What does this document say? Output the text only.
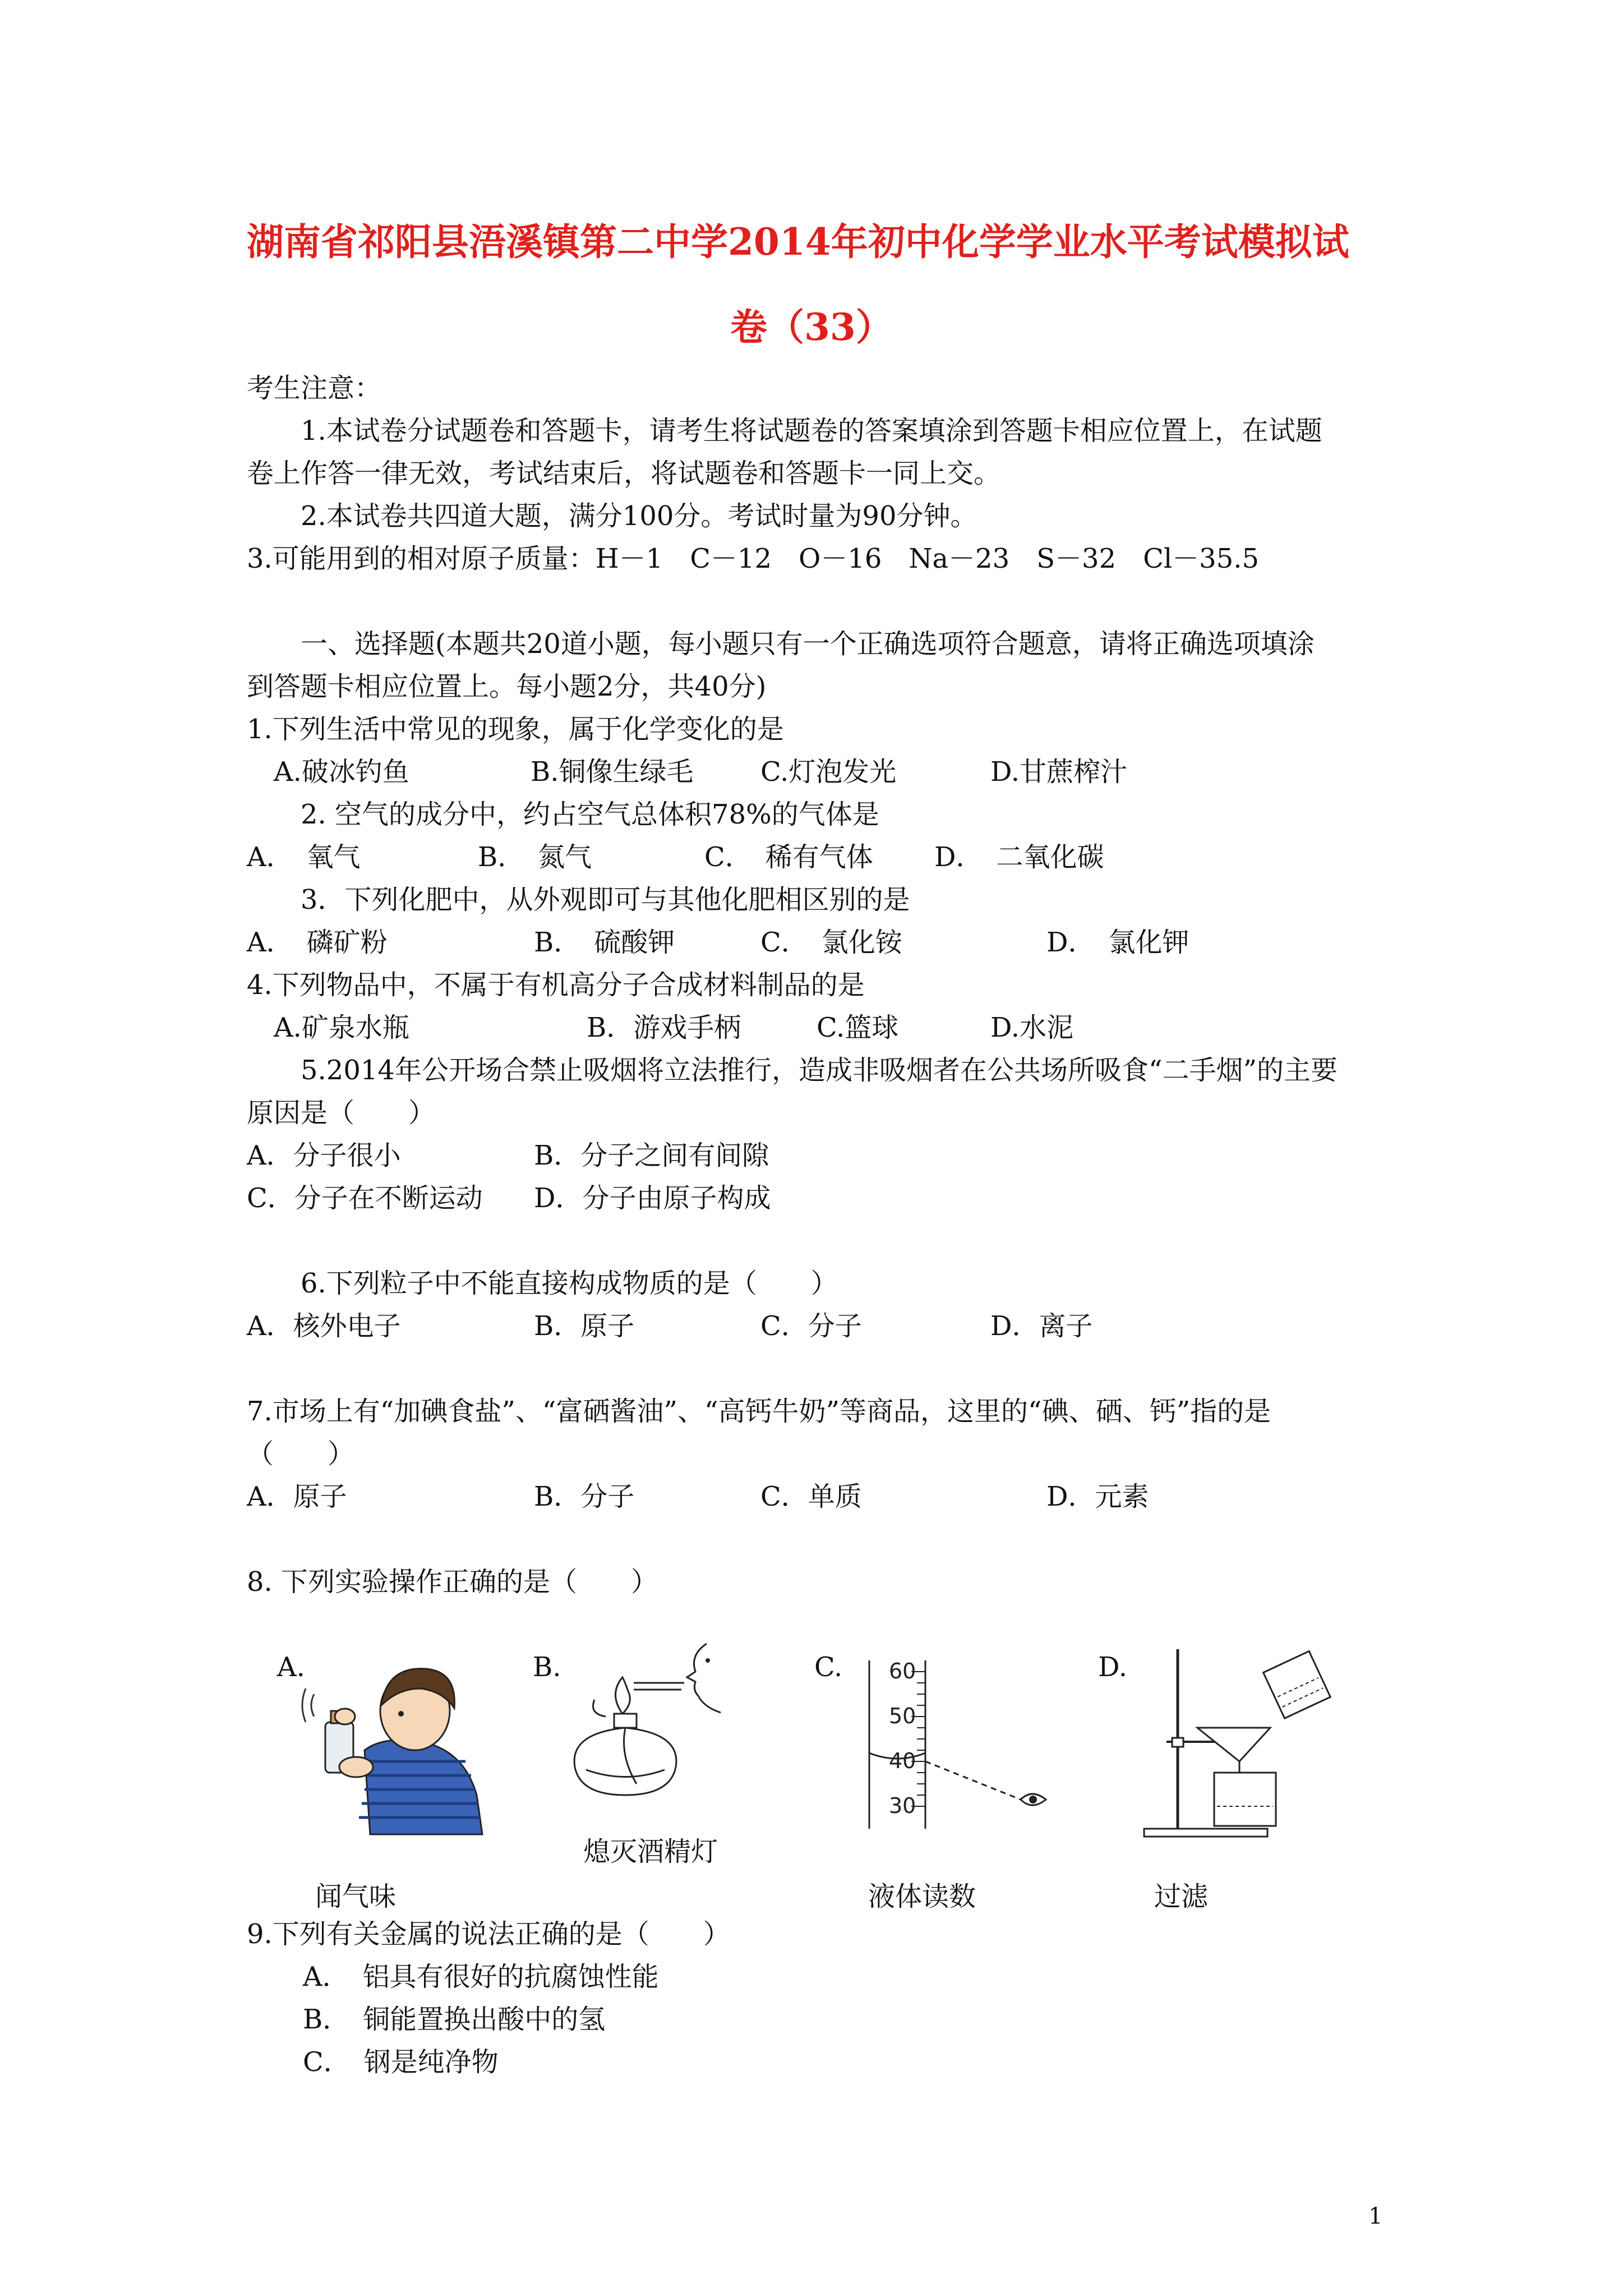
湖南省祁阳县浯溪镇第二中学2014年初中化学学业水平考试模拟试
卷（33）
考生注意：
1.本试卷分试题卷和答题卡，请考生将试题卷的答案填涂到答题卡相应位置上，在试题
卷上作答一律无效，考试结束后，将试题卷和答题卡一同上交。
2.本试卷共四道大题，满分100分。考试时量为90分钟。
3.可能用到的相对原子质量：H－1　C－12　O－16　Na－23　S－32　Cl－35.5
一、选择题(本题共20道小题，每小题只有一个正确选项符合题意，请将正确选项填涂
到答题卡相应位置上。每小题2分，共40分)
1.下列生活中常见的现象，属于化学变化的是
A.破冰钓鱼	B.铜像生绿毛 C.灯泡发光	D.甘蔗榨汁
2. 空气的成分中，约占空气总体积78%的气体是
A．　氧气	B．　氮气	C．　稀有气体 D．　二氧化碳
3．下列化肥中，从外观即可与其他化肥相区别的是
A．　磷矿粉	B．　硫酸钾	C．　氯化铵	D．　氯化钾
4.下列物品中，不属于有机高分子合成材料制品的是
A.矿泉水瓶	B．游戏手柄	C.篮球	D.水泥
5.2014年公开场合禁止吸烟将立法推行，造成非吸烟者在公共场所吸食“二手烟”的主要
原因是（　　）
A．分子很小	B．分子之间有间隙
C．分子在不断运动 D．分子由原子构成
6.下列粒子中不能直接构成物质的是（　　）
A．核外电子	B．原子	C．分子	D．离子
7.市场上有“加碘食盐”、“富硒酱油”、“高钙牛奶”等商品，这里的“碘、硒、钙”指的是
（　　）
A．原子	B．分子	C．单质	D．元素
8. 下列实验操作正确的是（　　）
A.	B.	C.	D.
60
50
40
30
闻气味
熄灭酒精灯
液体读数	过滤
9.下列有关金属的说法正确的是（　　）
A．　铝具有很好的抗腐蚀性能
B．　铜能置换出酸中的氢
C．　钢是纯净物
1
